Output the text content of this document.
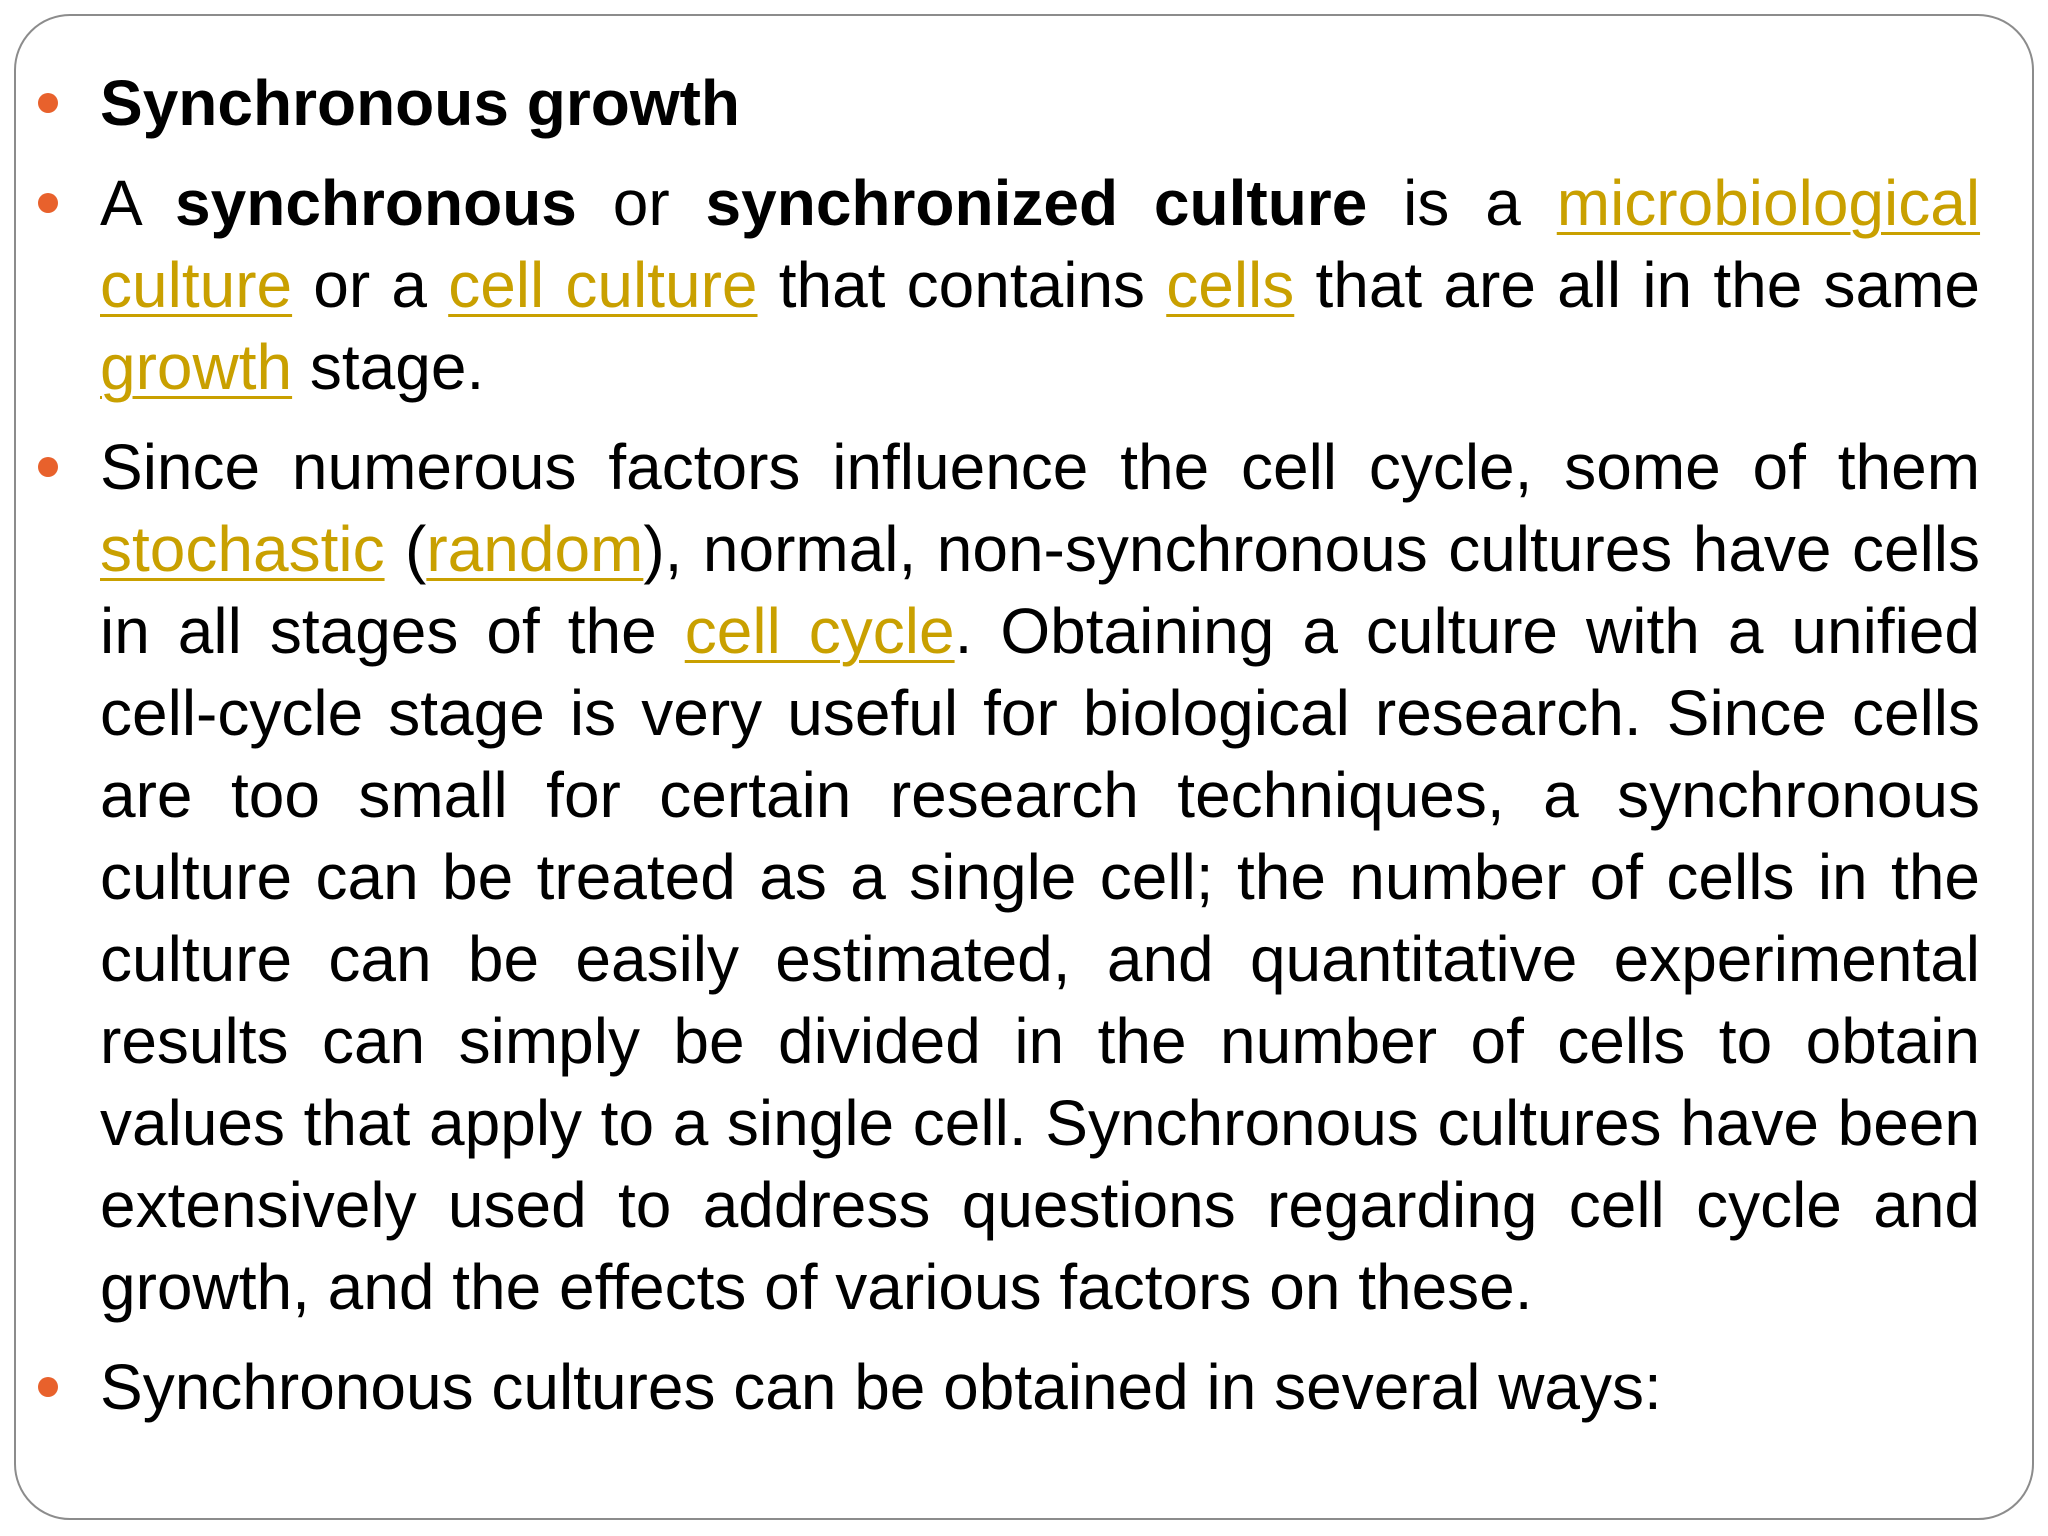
Synchronous growth
A synchronous or synchronized culture is a microbiological culture or a cell culture that contains cells that are all in the same growth stage.
Since numerous factors influence the cell cycle, some of them stochastic (random), normal, non-synchronous cultures have cells in all stages of the cell cycle. Obtaining a culture with a unified cell-cycle stage is very useful for biological research. Since cells are too small for certain research techniques, a synchronous culture can be treated as a single cell; the number of cells in the culture can be easily estimated, and quantitative experimental results can simply be divided in the number of cells to obtain values that apply to a single cell. Synchronous cultures have been extensively used to address questions regarding cell cycle and growth, and the effects of various factors on these.
Synchronous cultures can be obtained in several ways:
